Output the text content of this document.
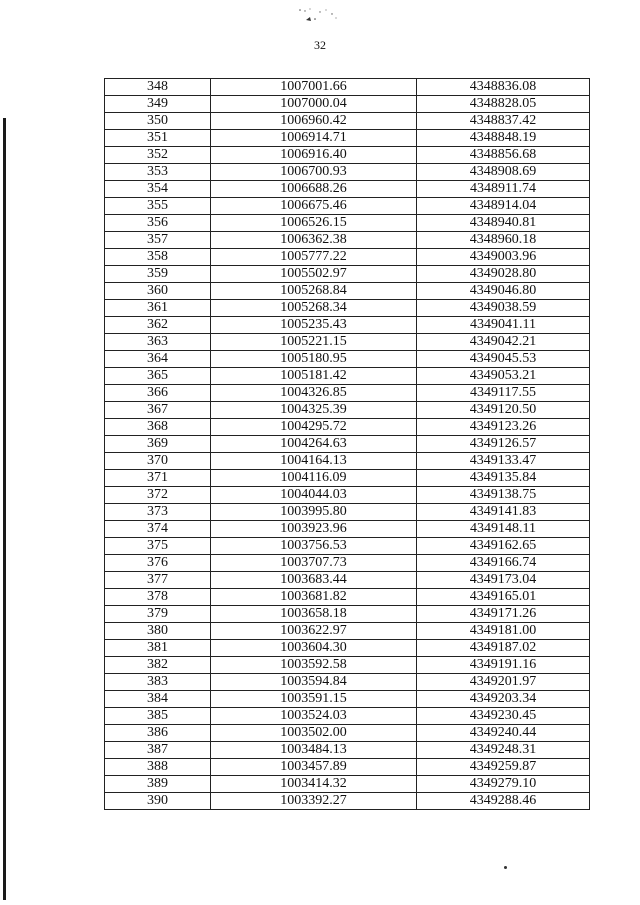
32
348	1007001.66	4348836.08
349	1007000.04	4348828.05
350	1006960.42	4348837.42
351	1006914.71	4348848.19
352	1006916.40	4348856.68
353	1006700.93	4348908.69
354	1006688.26	4348911.74
355	1006675.46	4348914.04
356	1006526.15	4348940.81
357	1006362.38	4348960.18
358	1005777.22	4349003.96
359	1005502.97	4349028.80
360	1005268.84	4349046.80
361	1005268.34	4349038.59
362	1005235.43	4349041.11
363	1005221.15	4349042.21
364	1005180.95	4349045.53
365	1005181.42	4349053.21
366	1004326.85	4349117.55
367	1004325.39	4349120.50
368	1004295.72	4349123.26
369	1004264.63	4349126.57
370	1004164.13	4349133.47
371	1004116.09	4349135.84
372	1004044.03	4349138.75
373	1003995.80	4349141.83
374	1003923.96	4349148.11
375	1003756.53	4349162.65
376	1003707.73	4349166.74
377	1003683.44	4349173.04
378	1003681.82	4349165.01
379	1003658.18	4349171.26
380	1003622.97	4349181.00
381	1003604.30	4349187.02
382	1003592.58	4349191.16
383	1003594.84	4349201.97
384	1003591.15	4349203.34
385	1003524.03	4349230.45
386	1003502.00	4349240.44
387	1003484.13	4349248.31
388	1003457.89	4349259.87
389	1003414.32	4349279.10
390	1003392.27	4349288.46
